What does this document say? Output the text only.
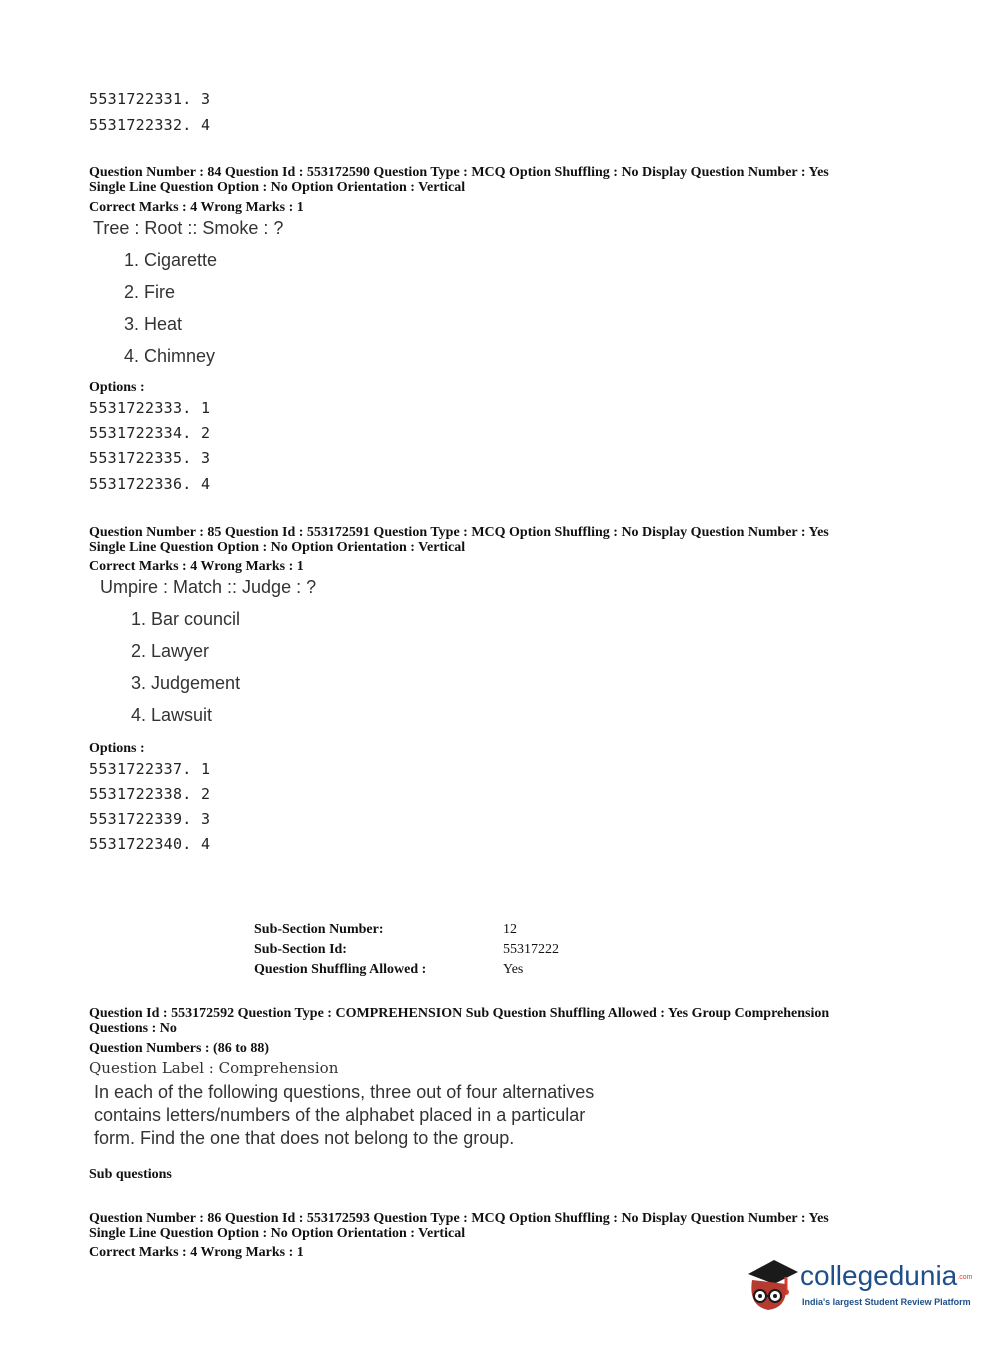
5531722331. 3
5531722332. 4
Question Number : 84 Question Id : 553172590 Question Type : MCQ Option Shuffling : No Display Question Number : Yes
Single Line Question Option : No Option Orientation : Vertical
Correct Marks : 4 Wrong Marks : 1
Tree : Root :: Smoke : ?
1. Cigarette
2. Fire
3. Heat
4. Chimney
Options :
5531722333. 1
5531722334. 2
5531722335. 3
5531722336. 4
Question Number : 85 Question Id : 553172591 Question Type : MCQ Option Shuffling : No Display Question Number : Yes
Single Line Question Option : No Option Orientation : Vertical
Correct Marks : 4 Wrong Marks : 1
Umpire : Match :: Judge : ?
1. Bar council
2. Lawyer
3. Judgement
4. Lawsuit
Options :
5531722337. 1
5531722338. 2
5531722339. 3
5531722340. 4
Sub-Section Number:	12
Sub-Section Id:	55317222
Question Shuffling Allowed :	Yes
Question Id : 553172592 Question Type : COMPREHENSION Sub Question Shuffling Allowed : Yes Group Comprehension
Questions : No
Question Numbers : (86 to 88)
Question Label : Comprehension
In each of the following questions, three out of four alternatives contains letters/numbers of the alphabet placed in a particular form. Find the one that does not belong to the group.
Sub questions
Question Number : 86 Question Id : 553172593 Question Type : MCQ Option Shuffling : No Display Question Number : Yes
Single Line Question Option : No Option Orientation : Vertical
Correct Marks : 4 Wrong Marks : 1
collegedunia.com
India's largest Student Review Platform
